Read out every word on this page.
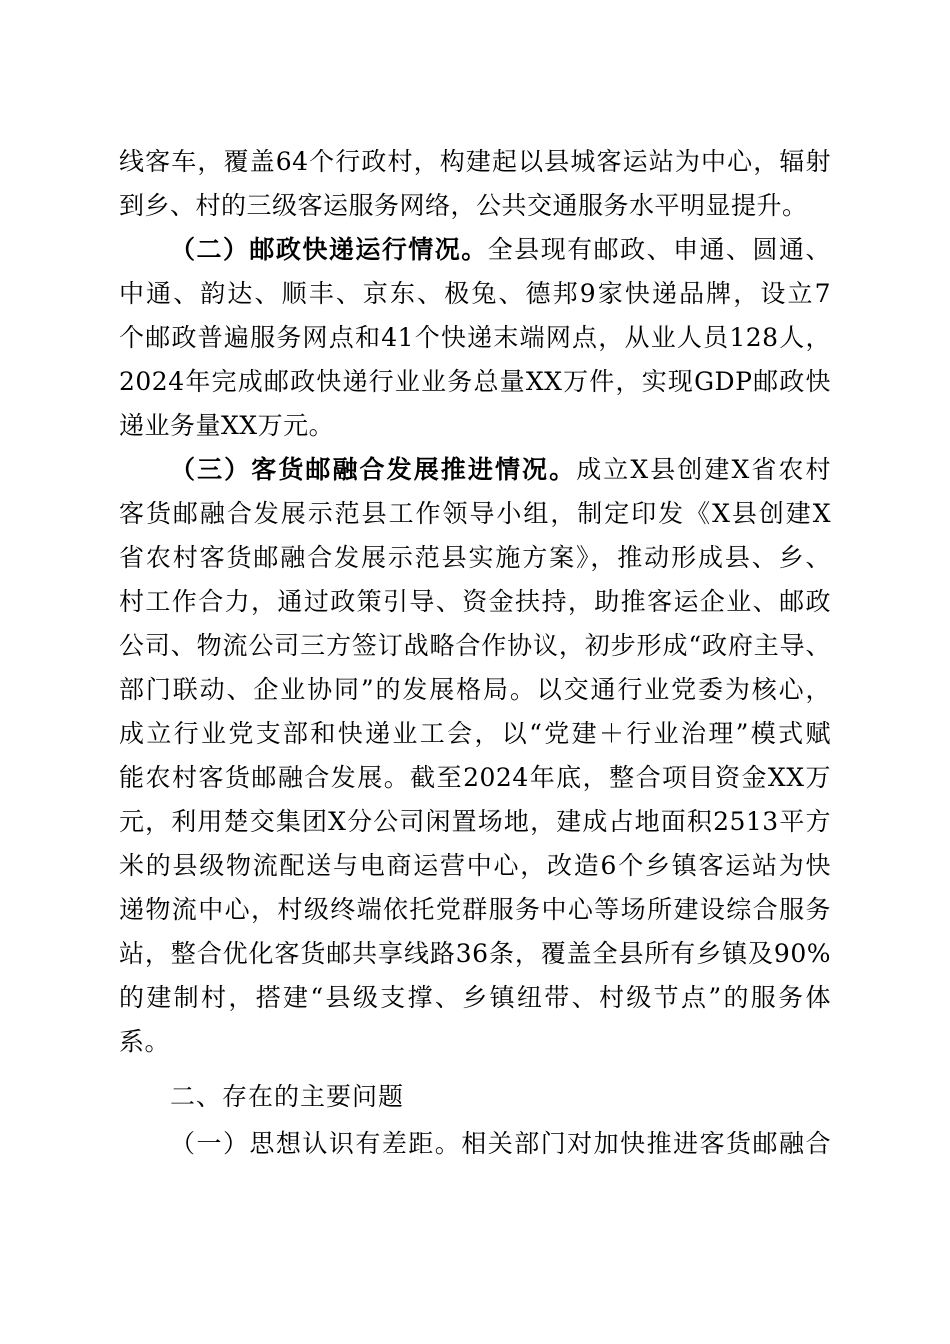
线客车，覆盖64个行政村，构建起以县城客运站为中心，辐射
到乡、村的三级客运服务网络，公共交通服务水平明显提升。
（二）邮政快递运行情况。全县现有邮政、申通、圆通、
中通、韵达、顺丰、京东、极兔、德邦9家快递品牌，设立7
个邮政普遍服务网点和41个快递末端网点，从业人员128人，
2024年完成邮政快递行业业务总量XX万件，实现GDP邮政快
递业务量XX万元。
（三）客货邮融合发展推进情况。成立X县创建X省农村
客货邮融合发展示范县工作领导小组，制定印发《X县创建X
省农村客货邮融合发展示范县实施方案》，推动形成县、乡、
村工作合力，通过政策引导、资金扶持，助推客运企业、邮政
公司、物流公司三方签订战略合作协议，初步形成“政府主导、
部门联动、企业协同”的发展格局。以交通行业党委为核心，
成立行业党支部和快递业工会，以“党建＋行业治理”模式赋
能农村客货邮融合发展。截至2024年底，整合项目资金XX万
元，利用楚交集团X分公司闲置场地，建成占地面积2513平方
米的县级物流配送与电商运营中心，改造6个乡镇客运站为快
递物流中心，村级终端依托党群服务中心等场所建设综合服务
站，整合优化客货邮共享线路36条，覆盖全县所有乡镇及90%
的建制村，搭建“县级支撑、乡镇纽带、村级节点”的服务体
系。
二、存在的主要问题
（一）思想认识有差距。相关部门对加快推进客货邮融合
